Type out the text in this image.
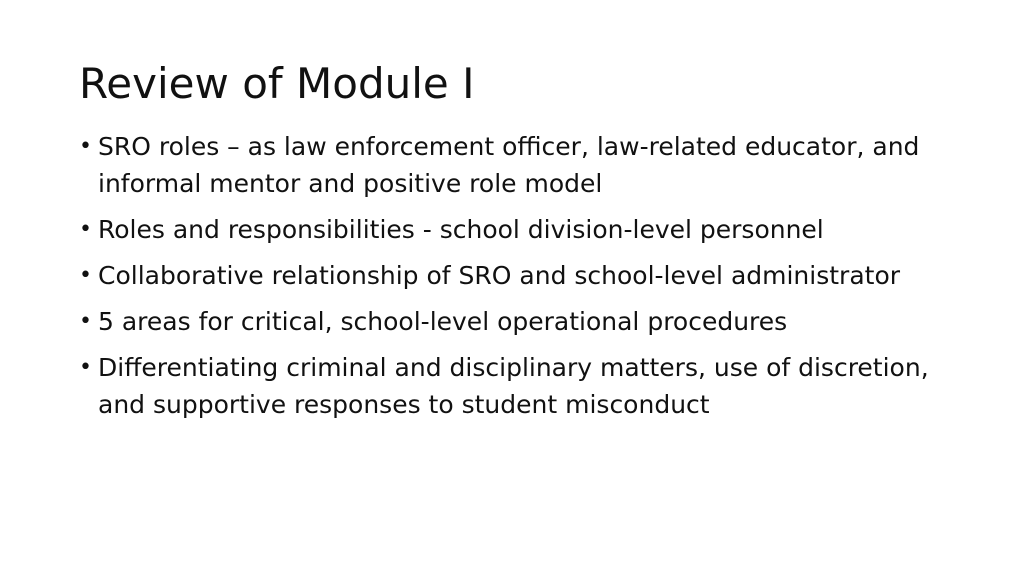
Review of Module I
• SRO roles – as law enforcement officer, law-related educator, and informal mentor and positive role model
• Roles and responsibilities - school division-level personnel
• Collaborative relationship of SRO and school-level administrator
• 5 areas for critical, school-level operational procedures
• Differentiating criminal and disciplinary matters, use of discretion, and supportive responses to student misconduct
